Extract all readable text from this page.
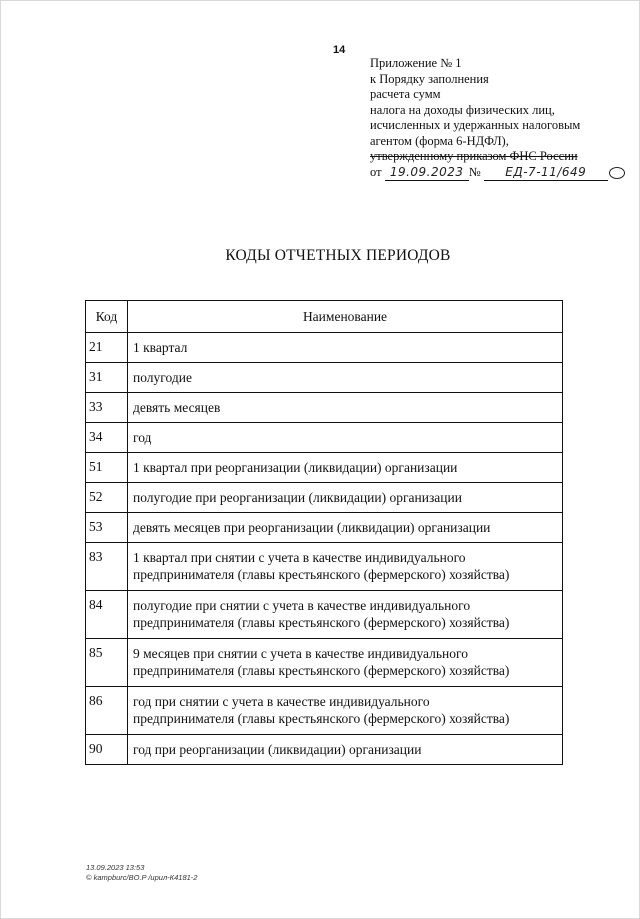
14
Приложение № 1
к Порядку заполнения
расчета сумм
налога на доходы физических лиц,
исчисленных и удержанных налоговым
агентом (форма 6-НДФЛ),
утвержденному приказом ФНС России
от 19.09.2023 № ЕД-7-11/649
КОДЫ ОТЧЕТНЫХ ПЕРИОДОВ
Код	Наименование
21	1 квартал

31	полугодие

33	девять месяцев

34	год

51	1 квартал при реорганизации (ликвидации) организации

52	полугодие при реорганизации (ликвидации) организации

53	девять месяцев при реорганизации (ликвидации) организации

83	1 квартал при снятии с учета в качестве индивидуального
предпринимателя (главы крестьянского (фермерского) хозяйства)

84	полугодие при снятии с учета в качестве индивидуального
предпринимателя (главы крестьянского (фермерского) хозяйства)

85	9 месяцев при снятии с учета в качестве индивидуального
предпринимателя (главы крестьянского (фермерского) хозяйства)

86	год при снятии с учета в качестве индивидуального
предпринимателя (главы крестьянского (фермерского) хозяйства)

90	год при реорганизации (ликвидации) организации
13.09.2023 13:53
© kampburc/BO.P /ирил-К4181-2
